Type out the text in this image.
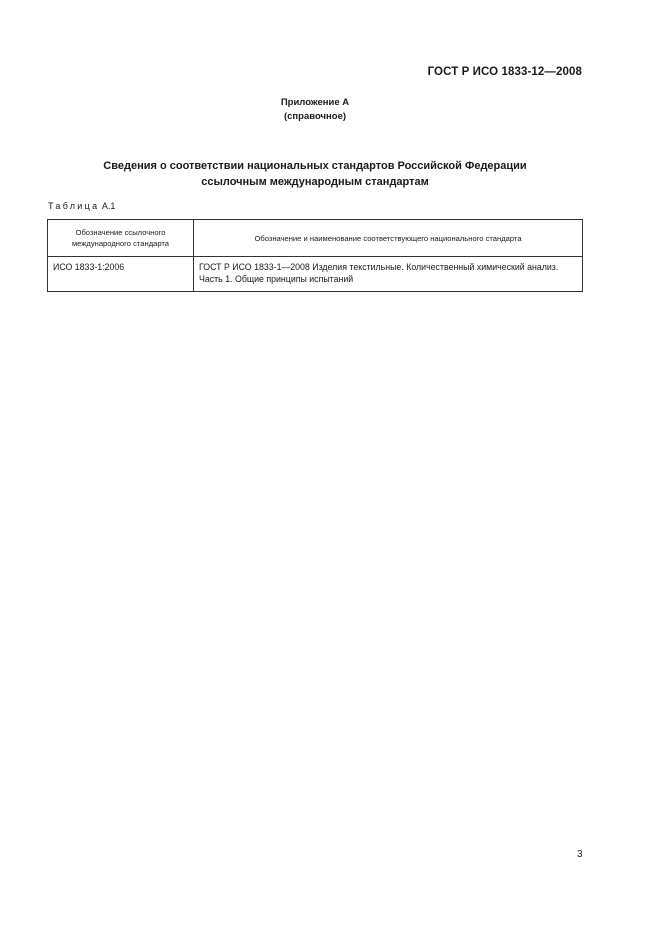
ГОСТ Р ИСО 1833-12—2008
Приложение А
(справочное)
Сведения о соответствии национальных стандартов Российской Федерации
ссылочным международным стандартам
Таблица А.1
Обозначение ссылочного международного стандарта	Обозначение и наименование соответствующего национального стандарта
ИСО 1833-1:2006	ГОСТ Р ИСО 1833-1—2008 Изделия текстильные. Количественный химический анализ. Часть 1. Общие принципы испытаний
3
